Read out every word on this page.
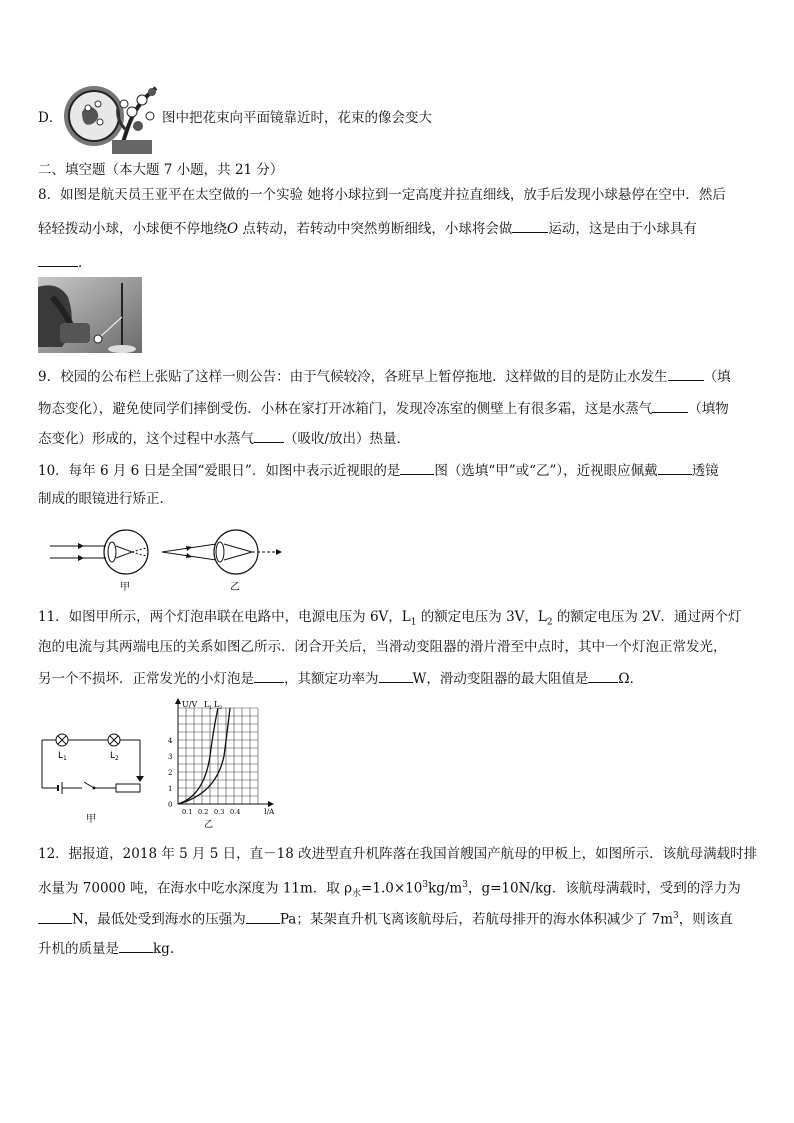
D．	图中把花束向平面镜靠近时，花束的像会变大
二、填空题（本大题 7 小题，共 21 分）
8．如图是航天员王亚平在太空做的一个实验 她将小球拉到一定高度并拉直细线，放手后发现小球悬停在空中．然后
轻轻拨动小球，小球便不停地绕O 点转动，若转动中突然剪断细线，小球将会做	运动，这是由于小球具有
．
9．校园的公布栏上张贴了这样一则公告：由于气候较冷，各班早上暂停拖地．这样做的目的是防止水发生	（填
物态变化），避免使同学们摔倒受伤．小林在家打开冰箱门，发现冷冻室的侧壁上有很多霜，这是水蒸气	（填物
态变化）形成的，这个过程中水蒸气 （吸收/放出）热量．
10．每年 6 月 6 日是全国“爱眼日”．如图中表示近视眼的是	图（选填“甲”或“乙”），近视眼应佩戴	透镜
制成的眼镜进行矫正．
甲	乙
11．如图甲所示，两个灯泡串联在电路中，电源电压为 6V，$L_1$ 的额定电压为 3V，$L_2$ 的额定电压为 2V．通过两个灯
泡的电流与其两端电压的关系如图乙所示．闭合开关后，当滑动变阻器的滑片滑至中点时，其中一个灯泡正常发光，
另一个不损坏．正常发光的小灯泡是 ，其额定功率为	W，滑动变阻器的最大阻值是 Ω．
L 1	L 2
甲
U/V L 1 L 2
0
1
2
3
4
0.1 0.2 0.3 0.4	I/A
乙
12．据报道，2018 年 5 月 5 日，直－18 改进型直升机阵落在我国首艘国产航母的甲板上，如图所示．该航母满载时排
水量为 70000 吨，在海水中吃水深度为 11m．取 $\rho_水=1.0\times 10^3kg/m^3$，g=10N/kg．该航母满载时，受到的浮力为
N，最低处受到海水的压强为	Pa；某架直升机飞离该航母后，若航母排开的海水体积减少了 $7m^3$，则该直
升机的质量是	kg.
